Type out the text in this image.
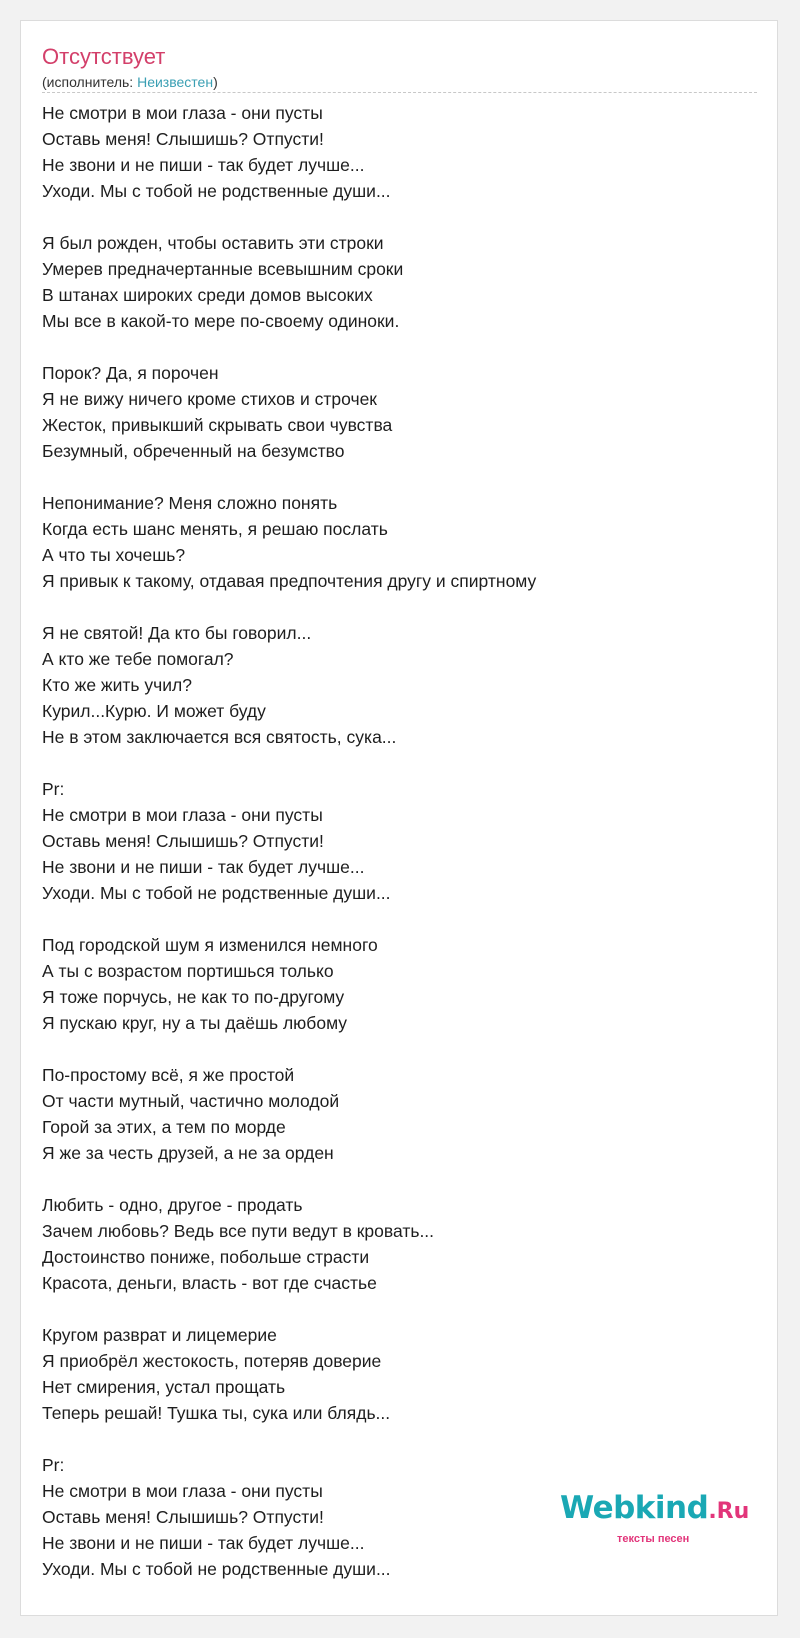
Отсутствует
(исполнитель: Неизвестен)
Не смотри в мои глаза - они пусты
Оставь меня! Слышишь? Отпусти!
Не звони и не пиши - так будет лучше...
Уходи. Мы с тобой не родственные души...
Я был рожден, чтобы оставить эти строки
Умерев предначертанные всевышним сроки
В штанах широких среди домов высоких
Мы все в какой-то мере по-своему одиноки.
Порок? Да, я порочен
Я не вижу ничего кроме стихов и строчек
Жесток, привыкший скрывать свои чувства
Безумный, обреченный на безумство
Непонимание? Меня сложно понять
Когда есть шанс менять, я решаю послать
А что ты хочешь?
Я привык к такому, отдавая предпочтения другу и спиртному
Я не святой! Да кто бы говорил...
А кто же тебе помогал?
Кто же жить учил?
Курил...Курю. И может буду
Не в этом заключается вся святость, сука...
Pr:
Не смотри в мои глаза - они пусты
Оставь меня! Слышишь? Отпусти!
Не звони и не пиши - так будет лучше...
Уходи. Мы с тобой не родственные души...
Под городской шум я изменился немного
А ты с возрастом портишься только
Я тоже порчусь, не как то по-другому
Я пускаю круг, ну а ты даёшь любому
По-простому всё, я же простой
От части мутный, частично молодой
Горой за этих, а тем по морде
Я же за честь друзей, а не за орден
Любить - одно, другое - продать
Зачем любовь? Ведь все пути ведут в кровать...
Достоинство пониже, побольше страсти
Красота, деньги, власть - вот где счастье
Кругом разврат и лицемерие
Я приобрёл жестокость, потеряв доверие
Нет смирения, устал прощать
Теперь решай! Тушка ты, сука или блядь...
Pr:
Не смотри в мои глаза - они пусты
Оставь меня! Слышишь? Отпусти!
Не звони и не пиши - так будет лучше...
Уходи. Мы с тобой не родственные души...
Webkind.Ru
тексты песен
